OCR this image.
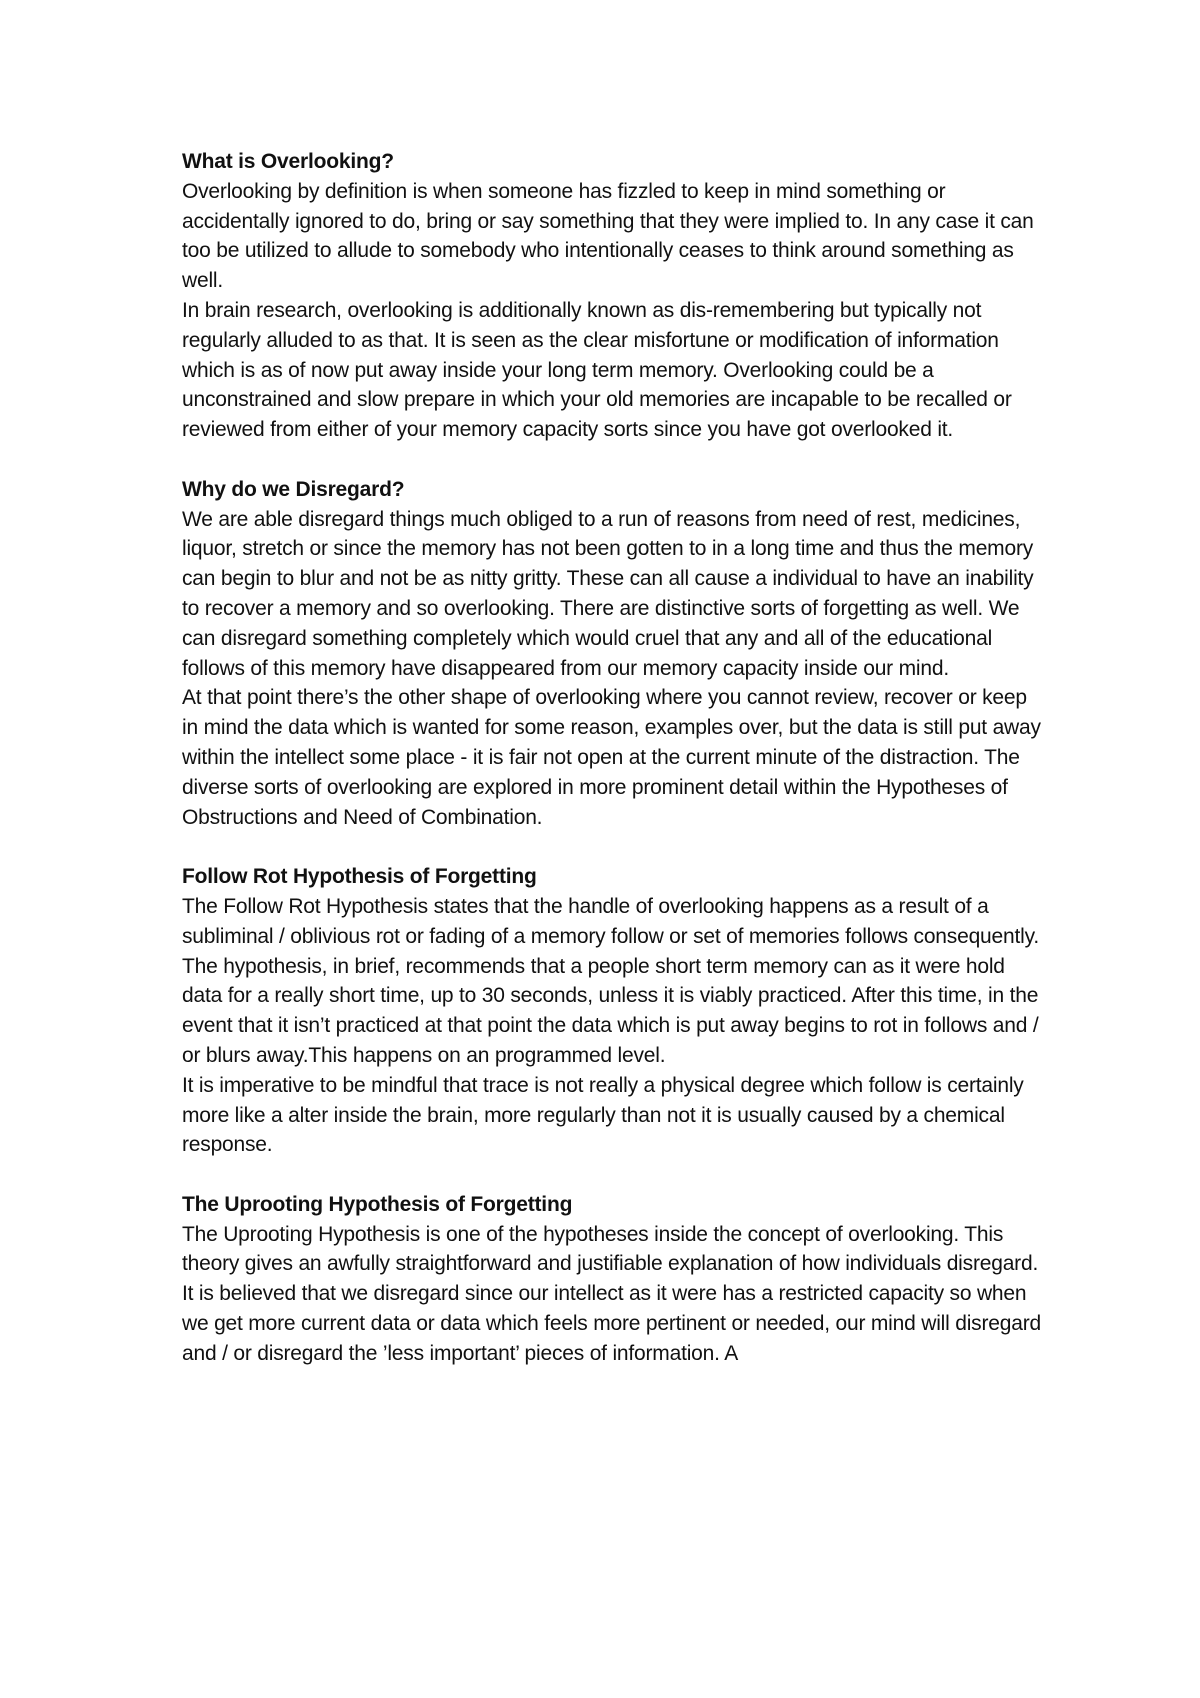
What is Overlooking?

Overlooking by definition is when someone has fizzled to keep in mind something or accidentally ignored to do, bring or say something that they were implied to. In any case it can too be utilized to allude to somebody who intentionally ceases to think around something as well.

In brain research, overlooking is additionally known as dis-remembering but typically not regularly alluded to as that. It is seen as the clear misfortune or modification of information which is as of now put away inside your long term memory. Overlooking could be a unconstrained and slow prepare in which your old memories are incapable to be recalled or reviewed from either of your memory capacity sorts since you have got overlooked it.

Why do we Disregard?

We are able disregard things much obliged to a run of reasons from need of rest, medicines, liquor, stretch or since the memory has not been gotten to in a long time and thus the memory can begin to blur and not be as nitty gritty. These can all cause a individual to have an inability to recover a memory and so overlooking. There are distinctive sorts of forgetting as well. We can disregard something completely which would cruel that any and all of the educational follows of this memory have disappeared from our memory capacity inside our mind.

At that point there’s the other shape of overlooking where you cannot review, recover or keep in mind the data which is wanted for some reason, examples over, but the data is still put away within the intellect some place - it is fair not open at the current minute of the distraction. The diverse sorts of overlooking are explored in more prominent detail within the Hypotheses of Obstructions and Need of Combination.

Follow Rot Hypothesis of Forgetting

The Follow Rot Hypothesis states that the handle of overlooking happens as a result of a subliminal / oblivious rot or fading of a memory follow or set of memories follows consequently. The hypothesis, in brief, recommends that a people short term memory can as it were hold data for a really short time, up to 30 seconds, unless it is viably practiced. After this time, in the event that it isn’t practiced at that point the data which is put away begins to rot in follows and / or blurs away.This happens on an programmed level.

It is imperative to be mindful that trace is not really a physical degree which follow is certainly more like a alter inside the brain, more regularly than not it is usually caused by a chemical response.

The Uprooting Hypothesis of Forgetting

The Uprooting Hypothesis is one of the hypotheses inside the concept of overlooking. This theory gives an awfully straightforward and justifiable explanation of how individuals disregard.

It is believed that we disregard since our intellect as it were has a restricted capacity so when we get more current data or data which feels more pertinent or needed, our mind will disregard and / or disregard the ’less important’ pieces of information. A
